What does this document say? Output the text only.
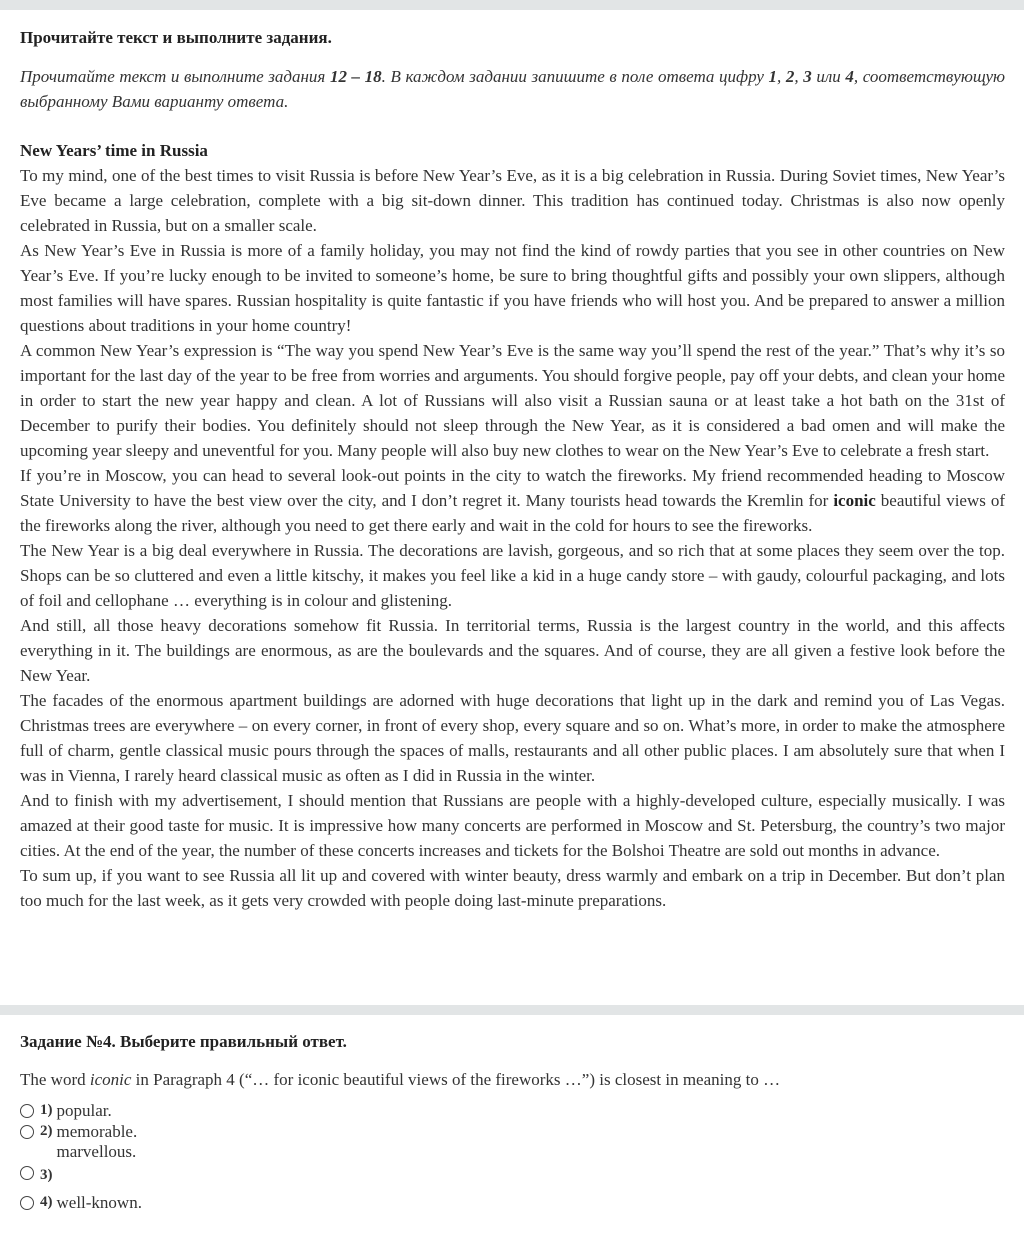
Прочитайте текст и выполните задания.
Прочитайте текст и выполните задания 12 – 18. В каждом задании запишите в поле ответа цифру 1, 2, 3 или 4, соответствующую выбранному Вами варианту ответа.
New Years’ time in Russia

To my mind, one of the best times to visit Russia is before New Year’s Eve, as it is a big celebration in Russia. During Soviet times, New Year’s Eve became a large celebration, complete with a big sit-down dinner. This tradition has continued today. Christmas is also now openly celebrated in Russia, but on a smaller scale.

As New Year’s Eve in Russia is more of a family holiday, you may not find the kind of rowdy parties that you see in other countries on New Year’s Eve. If you’re lucky enough to be invited to someone’s home, be sure to bring thoughtful gifts and possibly your own slippers, although most families will have spares. Russian hospitality is quite fantastic if you have friends who will host you. And be prepared to answer a million questions about traditions in your home country!

A common New Year’s expression is “The way you spend New Year’s Eve is the same way you’ll spend the rest of the year.” That’s why it’s so important for the last day of the year to be free from worries and arguments. You should forgive people, pay off your debts, and clean your home in order to start the new year happy and clean. A lot of Russians will also visit a Russian sauna or at least take a hot bath on the 31st of December to purify their bodies. You definitely should not sleep through the New Year, as it is considered a bad omen and will make the upcoming year sleepy and uneventful for you. Many people will also buy new clothes to wear on the New Year’s Eve to celebrate a fresh start.

If you’re in Moscow, you can head to several look-out points in the city to watch the fireworks. My friend recommended heading to Moscow State University to have the best view over the city, and I don’t regret it. Many tourists head towards the Kremlin for iconic beautiful views of the fireworks along the river, although you need to get there early and wait in the cold for hours to see the fireworks.

The New Year is a big deal everywhere in Russia. The decorations are lavish, gorgeous, and so rich that at some places they seem over the top. Shops can be so cluttered and even a little kitschy, it makes you feel like a kid in a huge candy store – with gaudy, colourful packaging, and lots of foil and cellophane … everything is in colour and glistening.

And still, all those heavy decorations somehow fit Russia. In territorial terms, Russia is the largest country in the world, and this affects everything in it. The buildings are enormous, as are the boulevards and the squares. And of course, they are all given a festive look before the New Year.

The facades of the enormous apartment buildings are adorned with huge decorations that light up in the dark and remind you of Las Vegas. Christmas trees are everywhere – on every corner, in front of every shop, every square and so on. What’s more, in order to make the atmosphere full of charm, gentle classical music pours through the spaces of malls, restaurants and all other public places. I am absolutely sure that when I was in Vienna, I rarely heard classical music as often as I did in Russia in the winter.

And to finish with my advertisement, I should mention that Russians are people with a highly-developed culture, especially musically. I was amazed at their good taste for music. It is impressive how many concerts are performed in Moscow and St. Petersburg, the country’s two major cities. At the end of the year, the number of these concerts increases and tickets for the Bolshoi Theatre are sold out months in advance.

To sum up, if you want to see Russia all lit up and covered with winter beauty, dress warmly and embark on a trip in December. But don’t plan too much for the last week, as it gets very crowded with people doing last-minute preparations.

Задание №4. Выберите правильный ответ.
The word iconic in Paragraph 4 (“… for iconic beautiful views of the fireworks …”) is closest in meaning to …
1) popular.
2) memorable.
3)
marvellous.
4) well-known.
